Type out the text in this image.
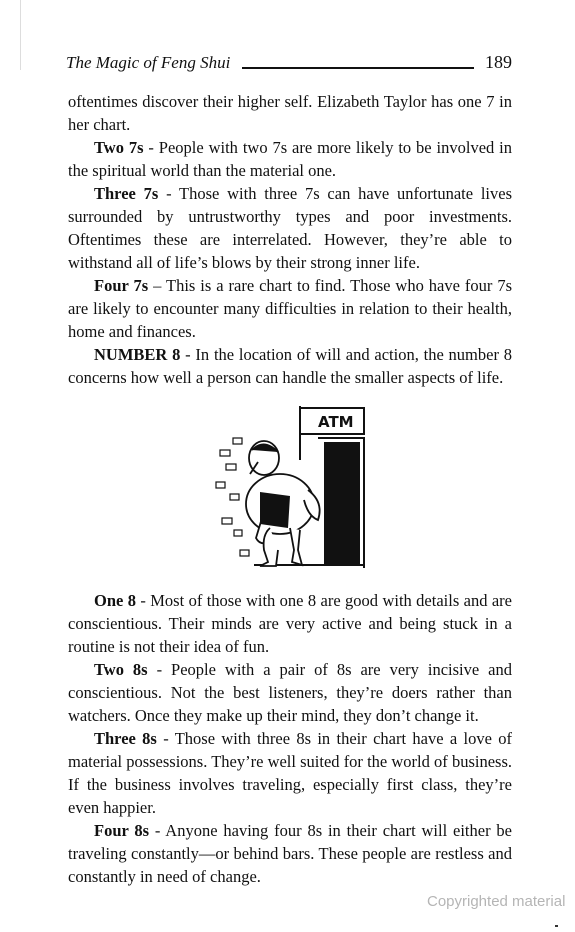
The Magic of Feng Shui	189

oftentimes discover their higher self. Elizabeth Taylor has one 7 in her chart.

Two 7s - People with two 7s are more likely to be involved in the spiritual world than the material one.

Three 7s - Those with three 7s can have unfortunate lives surrounded by untrustworthy types and poor investments. Oftentimes these are interrelated. However, they’re able to withstand all of life’s blows by their strong inner life.

Four 7s – This is a rare chart to find. Those who have four 7s are likely to encounter many difficulties in relation to their health, home and finances.

NUMBER 8 - In the location of will and action, the number 8 concerns how well a person can handle the smaller aspects of life.

ATM

One 8 - Most of those with one 8 are good with details and are conscientious. Their minds are very active and being stuck in a routine is not their idea of fun.

Two 8s - People with a pair of 8s are very incisive and conscientious. Not the best listeners, they’re doers rather than watchers. Once they make up their mind, they don’t change it.

Three 8s - Those with three 8s in their chart have a love of material possessions. They’re well suited for the world of business. If the business involves traveling, especially first class, they’re even happier.

Four 8s - Anyone having four 8s in their chart will either be traveling constantly—or behind bars. These people are restless and constantly in need of change.

Copyrighted material
